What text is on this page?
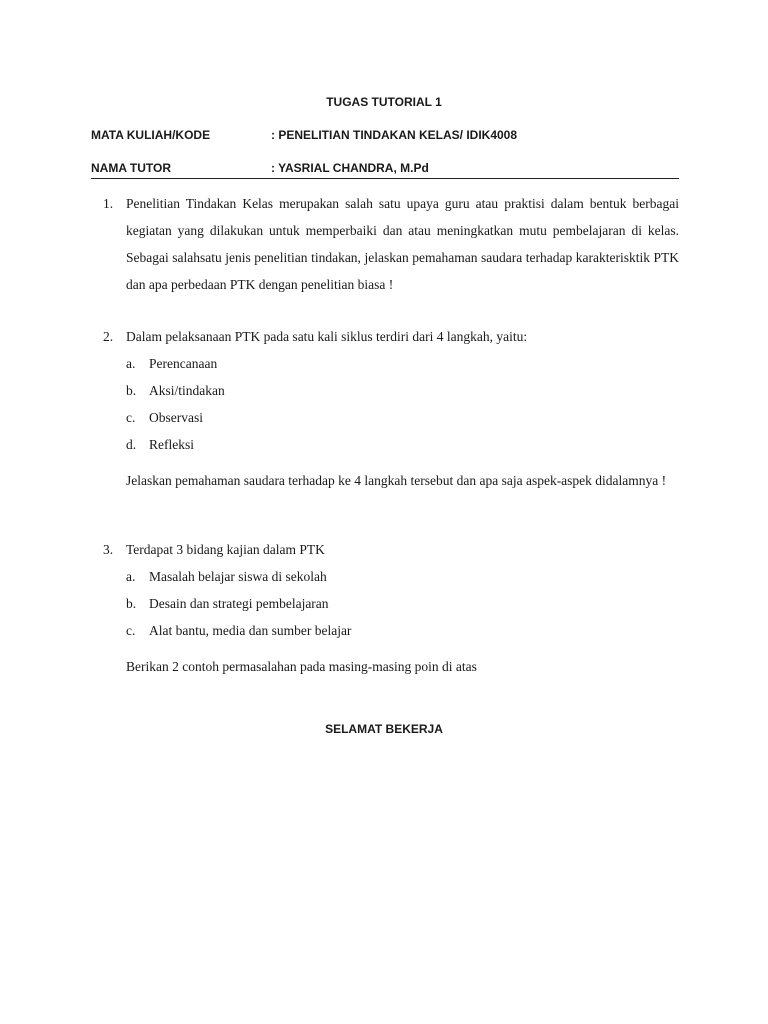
TUGAS TUTORIAL 1
MATA KULIAH/KODE	: PENELITIAN TINDAKAN KELAS/ IDIK4008
NAMA TUTOR	: YASRIAL CHANDRA, M.Pd
1. Penelitian Tindakan Kelas merupakan salah satu upaya guru atau praktisi dalam bentuk berbagai kegiatan yang dilakukan untuk memperbaiki dan atau meningkatkan mutu pembelajaran di kelas. Sebagai salahsatu jenis penelitian tindakan, jelaskan pemahaman saudara terhadap karakterisktik PTK dan apa perbedaan PTK dengan penelitian biasa !
2. Dalam pelaksanaan PTK pada satu kali siklus terdiri dari 4 langkah, yaitu:
a. Perencanaan
b. Aksi/tindakan
c. Observasi
d. Refleksi
Jelaskan pemahaman saudara terhadap ke 4 langkah tersebut dan apa saja aspek-aspek didalamnya !
3. Terdapat 3 bidang kajian dalam PTK
a. Masalah belajar siswa di sekolah
b. Desain dan strategi pembelajaran
c. Alat bantu, media dan sumber belajar
Berikan 2 contoh permasalahan pada masing-masing poin di atas
SELAMAT BEKERJA
